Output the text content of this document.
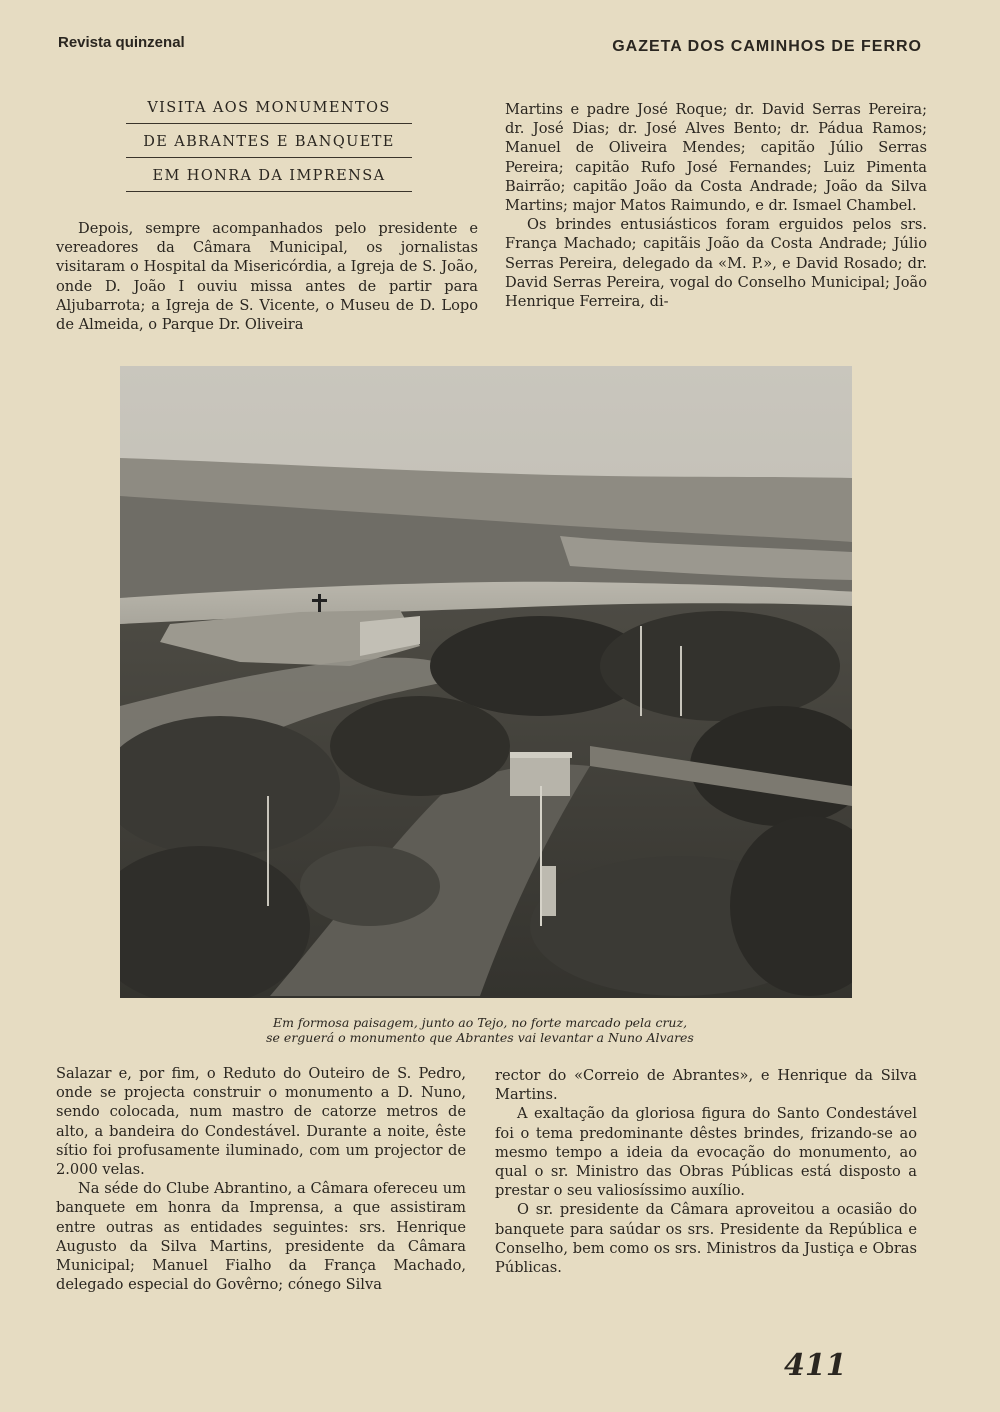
Revista quinzenal	GAZETA DOS CAMINHOS DE FERRO
VISITA AOS MONUMENTOS
DE ABRANTES E BANQUETE
EM HONRA DA IMPRENSA

Depois, sempre acompanhados pelo presidente e vereadores da Câmara Municipal, os jornalistas visitaram o Hospital da Misericórdia, a Igreja de S. João, onde D. João I ouviu missa antes de partir para Aljubarrota; a Igreja de S. Vicente, o Museu de D. Lopo de Almeida, o Parque Dr. Oliveira

Martins e padre José Roque; dr. David Serras Pereira; dr. José Dias; dr. José Alves Bento; dr. Pádua Ramos; Manuel de Oliveira Mendes; capitão Júlio Serras Pereira; capitão Rufo José Fernandes; Luiz Pimenta Bairrão; capitão João da Costa Andrade; João da Silva Martins; major Matos Raimundo, e dr. Ismael Chambel.

Os brindes entusiásticos foram erguidos pelos srs. França Machado; capitãis João da Costa Andrade; Júlio Serras Pereira, delegado da «M. P.», e David Rosado; dr. David Serras Pereira, vogal do Conselho Municipal; João Henrique Ferreira, di-

Em formosa paisagem, junto ao Tejo, no forte marcado pela cruz,
se erguerá o monumento que Abrantes vai levantar a Nuno Alvares

Salazar e, por fim, o Reduto do Outeiro de S. Pedro, onde se projecta construir o monumento a D. Nuno, sendo colocada, num mastro de catorze metros de alto, a bandeira do Condestável. Durante a noite, êste sítio foi profusamente iluminado, com um projector de 2.000 velas.

Na séde do Clube Abrantino, a Câmara ofereceu um banquete em honra da Imprensa, a que assistiram entre outras as entidades seguintes: srs. Henrique Augusto da Silva Martins, presidente da Câmara Municipal; Manuel Fialho da França Machado, delegado especial do Govêrno; cónego Silva

rector do «Correio de Abrantes», e Henrique da Silva Martins.

A exaltação da gloriosa figura do Santo Condestável foi o tema predominante dêstes brindes, frizando-se ao mesmo tempo a ideia da evocação do monumento, ao qual o sr. Ministro das Obras Públicas está disposto a prestar o seu valiosíssimo auxílio.

O sr. presidente da Câmara aproveitou a ocasião do banquete para saúdar os srs. Presidente da República e Conselho, bem como os srs. Ministros da Justiça e Obras Públicas.

411
